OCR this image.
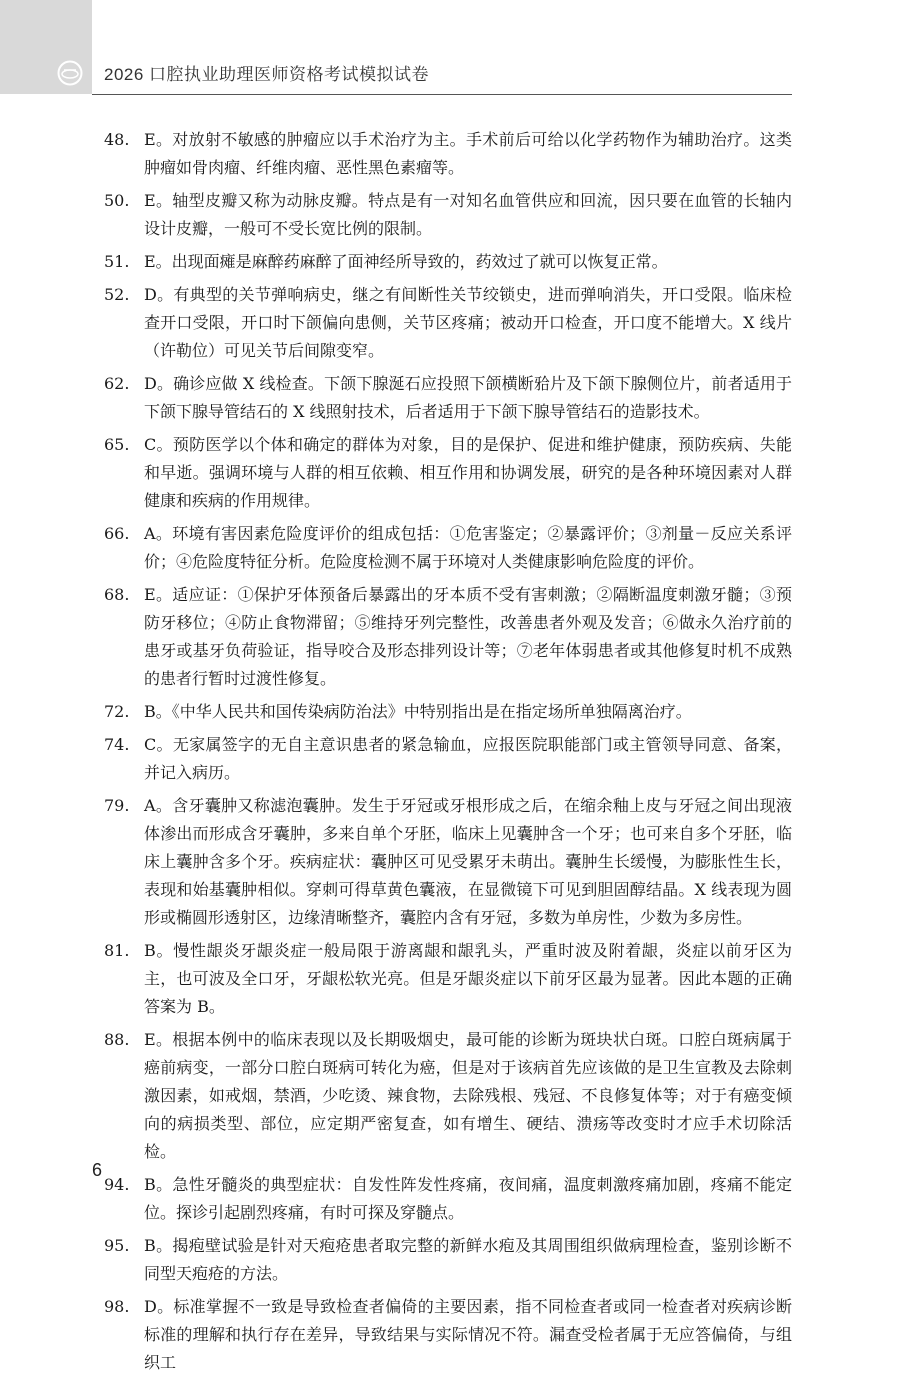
2026 口腔执业助理医师资格考试模拟试卷
48. E。对放射不敏感的肿瘤应以手术治疗为主。手术前后可给以化学药物作为辅助治疗。这类肿瘤如骨肉瘤、纤维肉瘤、恶性黑色素瘤等。
50. E。轴型皮瓣又称为动脉皮瓣。特点是有一对知名血管供应和回流，因只要在血管的长轴内设计皮瓣，一般可不受长宽比例的限制。
51. E。出现面瘫是麻醉药麻醉了面神经所导致的，药效过了就可以恢复正常。
52. D。有典型的关节弹响病史，继之有间断性关节绞锁史，进而弹响消失，开口受限。临床检查开口受限，开口时下颌偏向患侧，关节区疼痛；被动开口检查，开口度不能增大。X 线片（许勒位）可见关节后间隙变窄。
62. D。确诊应做 X 线检查。下颌下腺涎石应投照下颌横断𬌗片及下颌下腺侧位片，前者适用于下颌下腺导管结石的 X 线照射技术，后者适用于下颌下腺导管结石的造影技术。
65. C。预防医学以个体和确定的群体为对象，目的是保护、促进和维护健康，预防疾病、失能和早逝。强调环境与人群的相互依赖、相互作用和协调发展，研究的是各种环境因素对人群健康和疾病的作用规律。
66. A。环境有害因素危险度评价的组成包括：①危害鉴定；②暴露评价；③剂量－反应关系评价；④危险度特征分析。危险度检测不属于环境对人类健康影响危险度的评价。
68. E。适应证：①保护牙体预备后暴露出的牙本质不受有害刺激；②隔断温度刺激牙髓；③预防牙移位；④防止食物滞留；⑤维持牙列完整性，改善患者外观及发音；⑥做永久治疗前的患牙或基牙负荷验证，指导咬合及形态排列设计等；⑦老年体弱患者或其他修复时机不成熟的患者行暂时过渡性修复。
72. B。《中华人民共和国传染病防治法》中特别指出是在指定场所单独隔离治疗。
74. C。无家属签字的无自主意识患者的紧急输血，应报医院职能部门或主管领导同意、备案，并记入病历。
79. A。含牙囊肿又称滤泡囊肿。发生于牙冠或牙根形成之后，在缩余釉上皮与牙冠之间出现液体渗出而形成含牙囊肿，多来自单个牙胚，临床上见囊肿含一个牙；也可来自多个牙胚，临床上囊肿含多个牙。疾病症状：囊肿区可见受累牙未萌出。囊肿生长缓慢，为膨胀性生长，表现和始基囊肿相似。穿刺可得草黄色囊液，在显微镜下可见到胆固醇结晶。X 线表现为圆形或椭圆形透射区，边缘清晰整齐，囊腔内含有牙冠，多数为单房性，少数为多房性。
81. B。慢性龈炎牙龈炎症一般局限于游离龈和龈乳头，严重时波及附着龈，炎症以前牙区为主，也可波及全口牙，牙龈松软光亮。但是牙龈炎症以下前牙区最为显著。因此本题的正确答案为 B。
88. E。根据本例中的临床表现以及长期吸烟史，最可能的诊断为斑块状白斑。口腔白斑病属于癌前病变，一部分口腔白斑病可转化为癌，但是对于该病首先应该做的是卫生宣教及去除刺激因素，如戒烟，禁酒，少吃烫、辣食物，去除残根、残冠、不良修复体等；对于有癌变倾向的病损类型、部位，应定期严密复查，如有增生、硬结、溃疡等改变时才应手术切除活检。
94. B。急性牙髓炎的典型症状：自发性阵发性疼痛，夜间痛，温度刺激疼痛加剧，疼痛不能定位。探诊引起剧烈疼痛，有时可探及穿髓点。
95. B。揭疱壁试验是针对天疱疮患者取完整的新鲜水疱及其周围组织做病理检查，鉴别诊断不同型天疱疮的方法。
98. D。标准掌握不一致是导致检查者偏倚的主要因素，指不同检查者或同一检查者对疾病诊断标准的理解和执行存在差异，导致结果与实际情况不符。漏查受检者属于无应答偏倚，与组织工
6
